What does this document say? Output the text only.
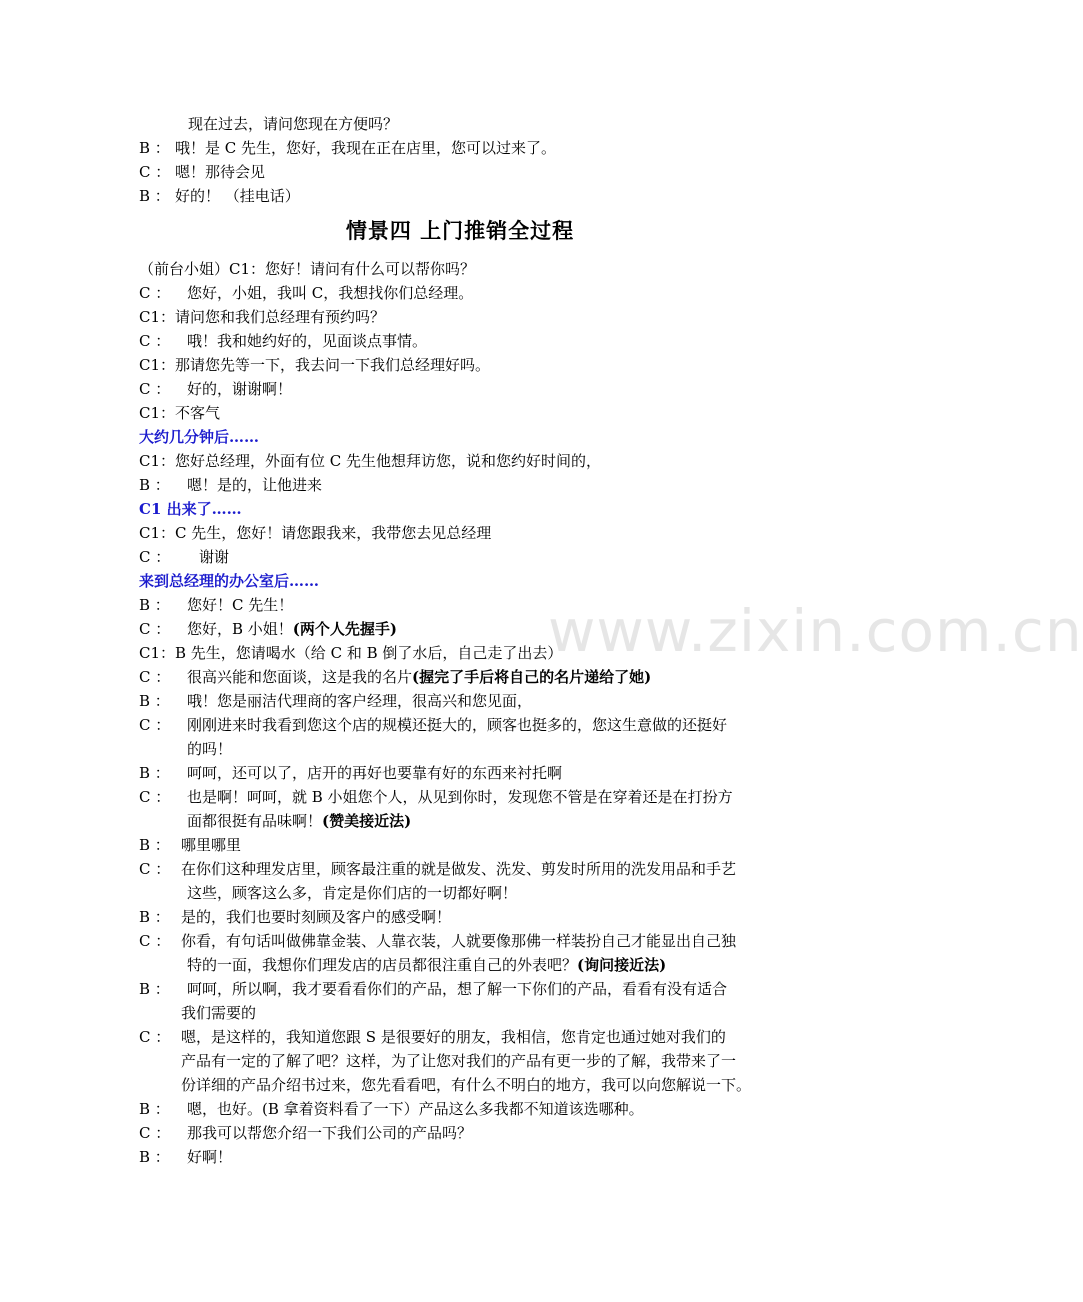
www.zixin.com.cn
现在过去，请问您现在方便吗？
B ： 哦！是 C 先生，您好，我现在正在店里，您可以过来了。
C ： 嗯！那待会见
B ： 好的！ （挂电话）
情景四 上门推销全过程
（前台小姐）C1：您好！请问有什么可以帮你吗？
C ： 您好，小姐，我叫 C，我想找你们总经理。
C1：请问您和我们总经理有预约吗？
C ： 哦！我和她约好的，见面谈点事情。
C1：那请您先等一下，我去问一下我们总经理好吗。
C ： 好的，谢谢啊！
C1：不客气
大约几分钟后……
C1：您好总经理，外面有位 C 先生他想拜访您，说和您约好时间的，
B ： 嗯！是的，让他进来
C1 出来了……
C1：C 先生，您好！请您跟我来，我带您去见总经理
C ： 谢谢
来到总经理的办公室后……
B ： 您好！C 先生！
C ： 您好，B 小姐！(两个人先握手)
C1：B 先生，您请喝水（给 C 和 B 倒了水后，自己走了出去）
C ： 很高兴能和您面谈，这是我的名片(握完了手后将自己的名片递给了她)
B ： 哦！您是丽洁代理商的客户经理，很高兴和您见面，
C ： 刚刚进来时我看到您这个店的规模还挺大的，顾客也挺多的，您这生意做的还挺好
的吗！
B ： 呵呵，还可以了，店开的再好也要靠有好的东西来衬托啊
C ： 也是啊！呵呵，就 B 小姐您个人，从见到你时，发现您不管是在穿着还是在打扮方
面都很挺有品味啊！(赞美接近法)
B ： 哪里哪里
C ： 在你们这种理发店里，顾客最注重的就是做发、洗发、剪发时所用的洗发用品和手艺
这些，顾客这么多，肯定是你们店的一切都好啊！
B ： 是的，我们也要时刻顾及客户的感受啊！
C ： 你看，有句话叫做佛靠金装、人靠衣装，人就要像那佛一样装扮自己才能显出自己独
特的一面，我想你们理发店的店员都很注重自己的外表吧？(询问接近法)
B ： 呵呵，所以啊，我才要看看你们的产品，想了解一下你们的产品，看看有没有适合
我们需要的
C ： 嗯，是这样的，我知道您跟 S 是很要好的朋友，我相信，您肯定也通过她对我们的
产品有一定的了解了吧？这样，为了让您对我们的产品有更一步的了解，我带来了一
份详细的产品介绍书过来，您先看看吧，有什么不明白的地方，我可以向您解说一下。
B ： 嗯，也好。(B 拿着资料看了一下）产品这么多我都不知道该选哪种。
C ： 那我可以帮您介绍一下我们公司的产品吗？
B ： 好啊！
